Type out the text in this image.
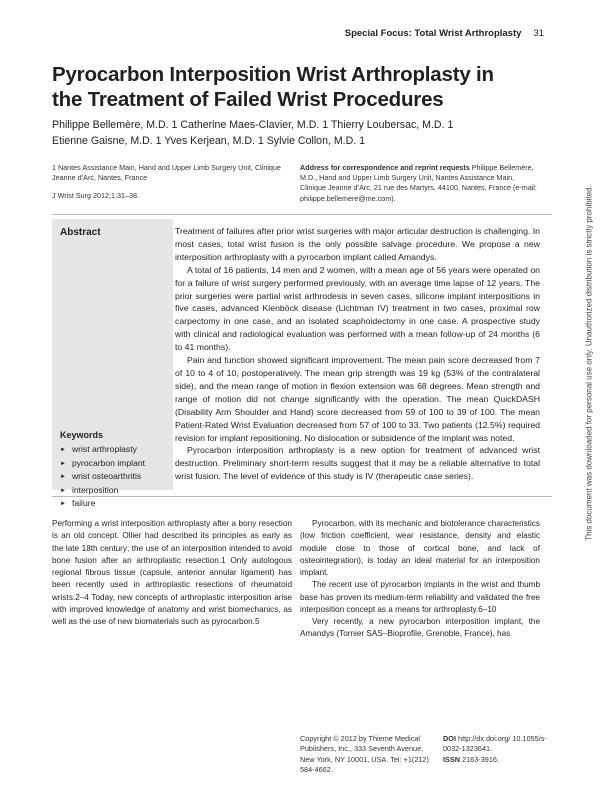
Special Focus: Total Wrist Arthroplasty 31
Pyrocarbon Interposition Wrist Arthroplasty in
the Treatment of Failed Wrist Procedures
Philippe Bellemère, M.D. 1 Catherine Maes-Clavier, M.D. 1 Thierry Loubersac, M.D. 1
Etienne Gaisne, M.D. 1 Yves Kerjean, M.D. 1 Sylvie Collon, M.D. 1
1 Nantes Assistance Main, Hand and Upper Limb Surgery Unit, Clinique Jeanne d’Arc, Nantes, France
J Wrist Surg 2012;1:31–38.
Address for correspondence and reprint requests Philippe Bellemère, M.D., Hand and Upper Limb Surgery Unit, Nantes Assistance Main, Clinique Jeanne d’Arc, 21 rue des Martyrs, 44100, Nantes, France (e-mail: philippe.bellemere@me.com).
Abstract	Treatment of failures after prior wrist surgeries with major articular destruction is challenging. In most cases, total wrist fusion is the only possible salvage procedure. We propose a new interposition arthroplasty with a pyrocarbon implant called Amandys.

A total of 16 patients, 14 men and 2 women, with a mean age of 56 years were operated on for a failure of wrist surgery performed previously, with an average time lapse of 12 years. The prior surgeries were partial wrist arthrodesis in seven cases, silicone implant interpositions in five cases, advanced Kienböck disease (Lichtman IV) treatment in two cases, proximal row carpectomy in one case, and an isolated scaphoidectomy in one case. A prospective study with clinical and radiological evaluation was performed with a mean follow-up of 24 months (6 to 41 months).

Pain and function showed significant improvement. The mean pain score decreased from 7 of 10 to 4 of 10, postoperatively. The mean grip strength was 19 kg (53% of the contralateral side), and the mean range of motion in flexion extension was 68 degrees. Mean strength and range of motion did not change significantly with the operation. The mean QuickDASH (Disability Arm Shoulder and Hand) score decreased from 59 of 100 to 39 of 100. The mean Patient-Rated Wrist Evaluation decreased from 57 of 100 to 33. Two patients (12.5%) required revision for implant repositioning. No dislocation or subsidence of the implant was noted.

Pyrocarbon interposition arthroplasty is a new option for treatment of advanced wrist destruction. Preliminary short-term results suggest that it may be a reliable alternative to total wrist fusion. The level of evidence of this study is IV (therapeutic case series).

Keywords
► wrist arthroplasty
► pyrocarbon implant
► wrist osteoarthritis
► interposition
► failure

Performing a wrist interposition arthroplasty after a bony resection is an old concept. Ollier had described its principles as early as the late 18th century; the use of an interposition intended to avoid bone fusion after an arthroplastic resection.1 Only autologous regional fibrous tissue (capsule, anterior annular ligament) has been recently used in arthroplastic resections of rheumatoid wrists.2–4 Today, new concepts of arthroplastic interposition arise with improved knowledge of anatomy and wrist biomechanics, as well as the use of new biomaterials such as pyrocarbon.5

Pyrocarbon, with its mechanic and biotolerance characteristics (low friction coefficient, wear resistance, density and elastic module close to those of cortical bone, and lack of osteointegration), is today an ideal material for an interposition implant.

The recent use of pyrocarbon implants in the wrist and thumb base has proven its medium-term reliability and validated the free interposition concept as a means for arthroplasty.6–10

Very recently, a new pyrocarbon interposition implant, the Amandys (Tornier SAS–Bioprofile, Grenoble, France), has

Copyright © 2012 by Thieme Medical Publishers, Inc., 333 Seventh Avenue, New York, NY 10001, USA. Tel: +1(212) 584-4662.
DOI http://dx.doi.org/ 10.1055/s-0032-1323641.
ISSN 2163-3916.
This document was downloaded for personal use only. Unauthorized distribution is strictly prohibited.
